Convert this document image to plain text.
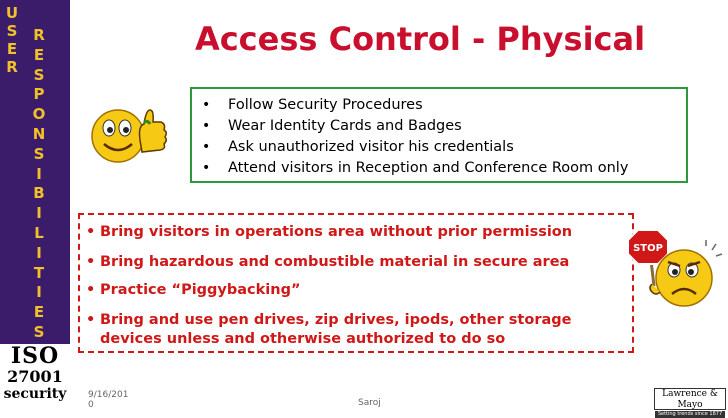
U
S
E
R
R
E
S
P
O
N
S
I
B
I
L
I
T
I
E
S
ISO
27001
security
Access Control - Physical
• Follow Security Procedures
• Wear Identity Cards and Badges
• Ask unauthorized visitor his credentials
• Attend visitors in Reception and Conference Room only
• Bring visitors in operations area without prior permission
• Bring hazardous and combustible material in secure area
• Practice “Piggybacking”
• Bring and use pen drives, zip drives, ipods, other storage
devices unless and otherwise authorized to do so
STOP
9/16/201
0	Saroj
Lawrence & Mayo
Setting trends since 1877
